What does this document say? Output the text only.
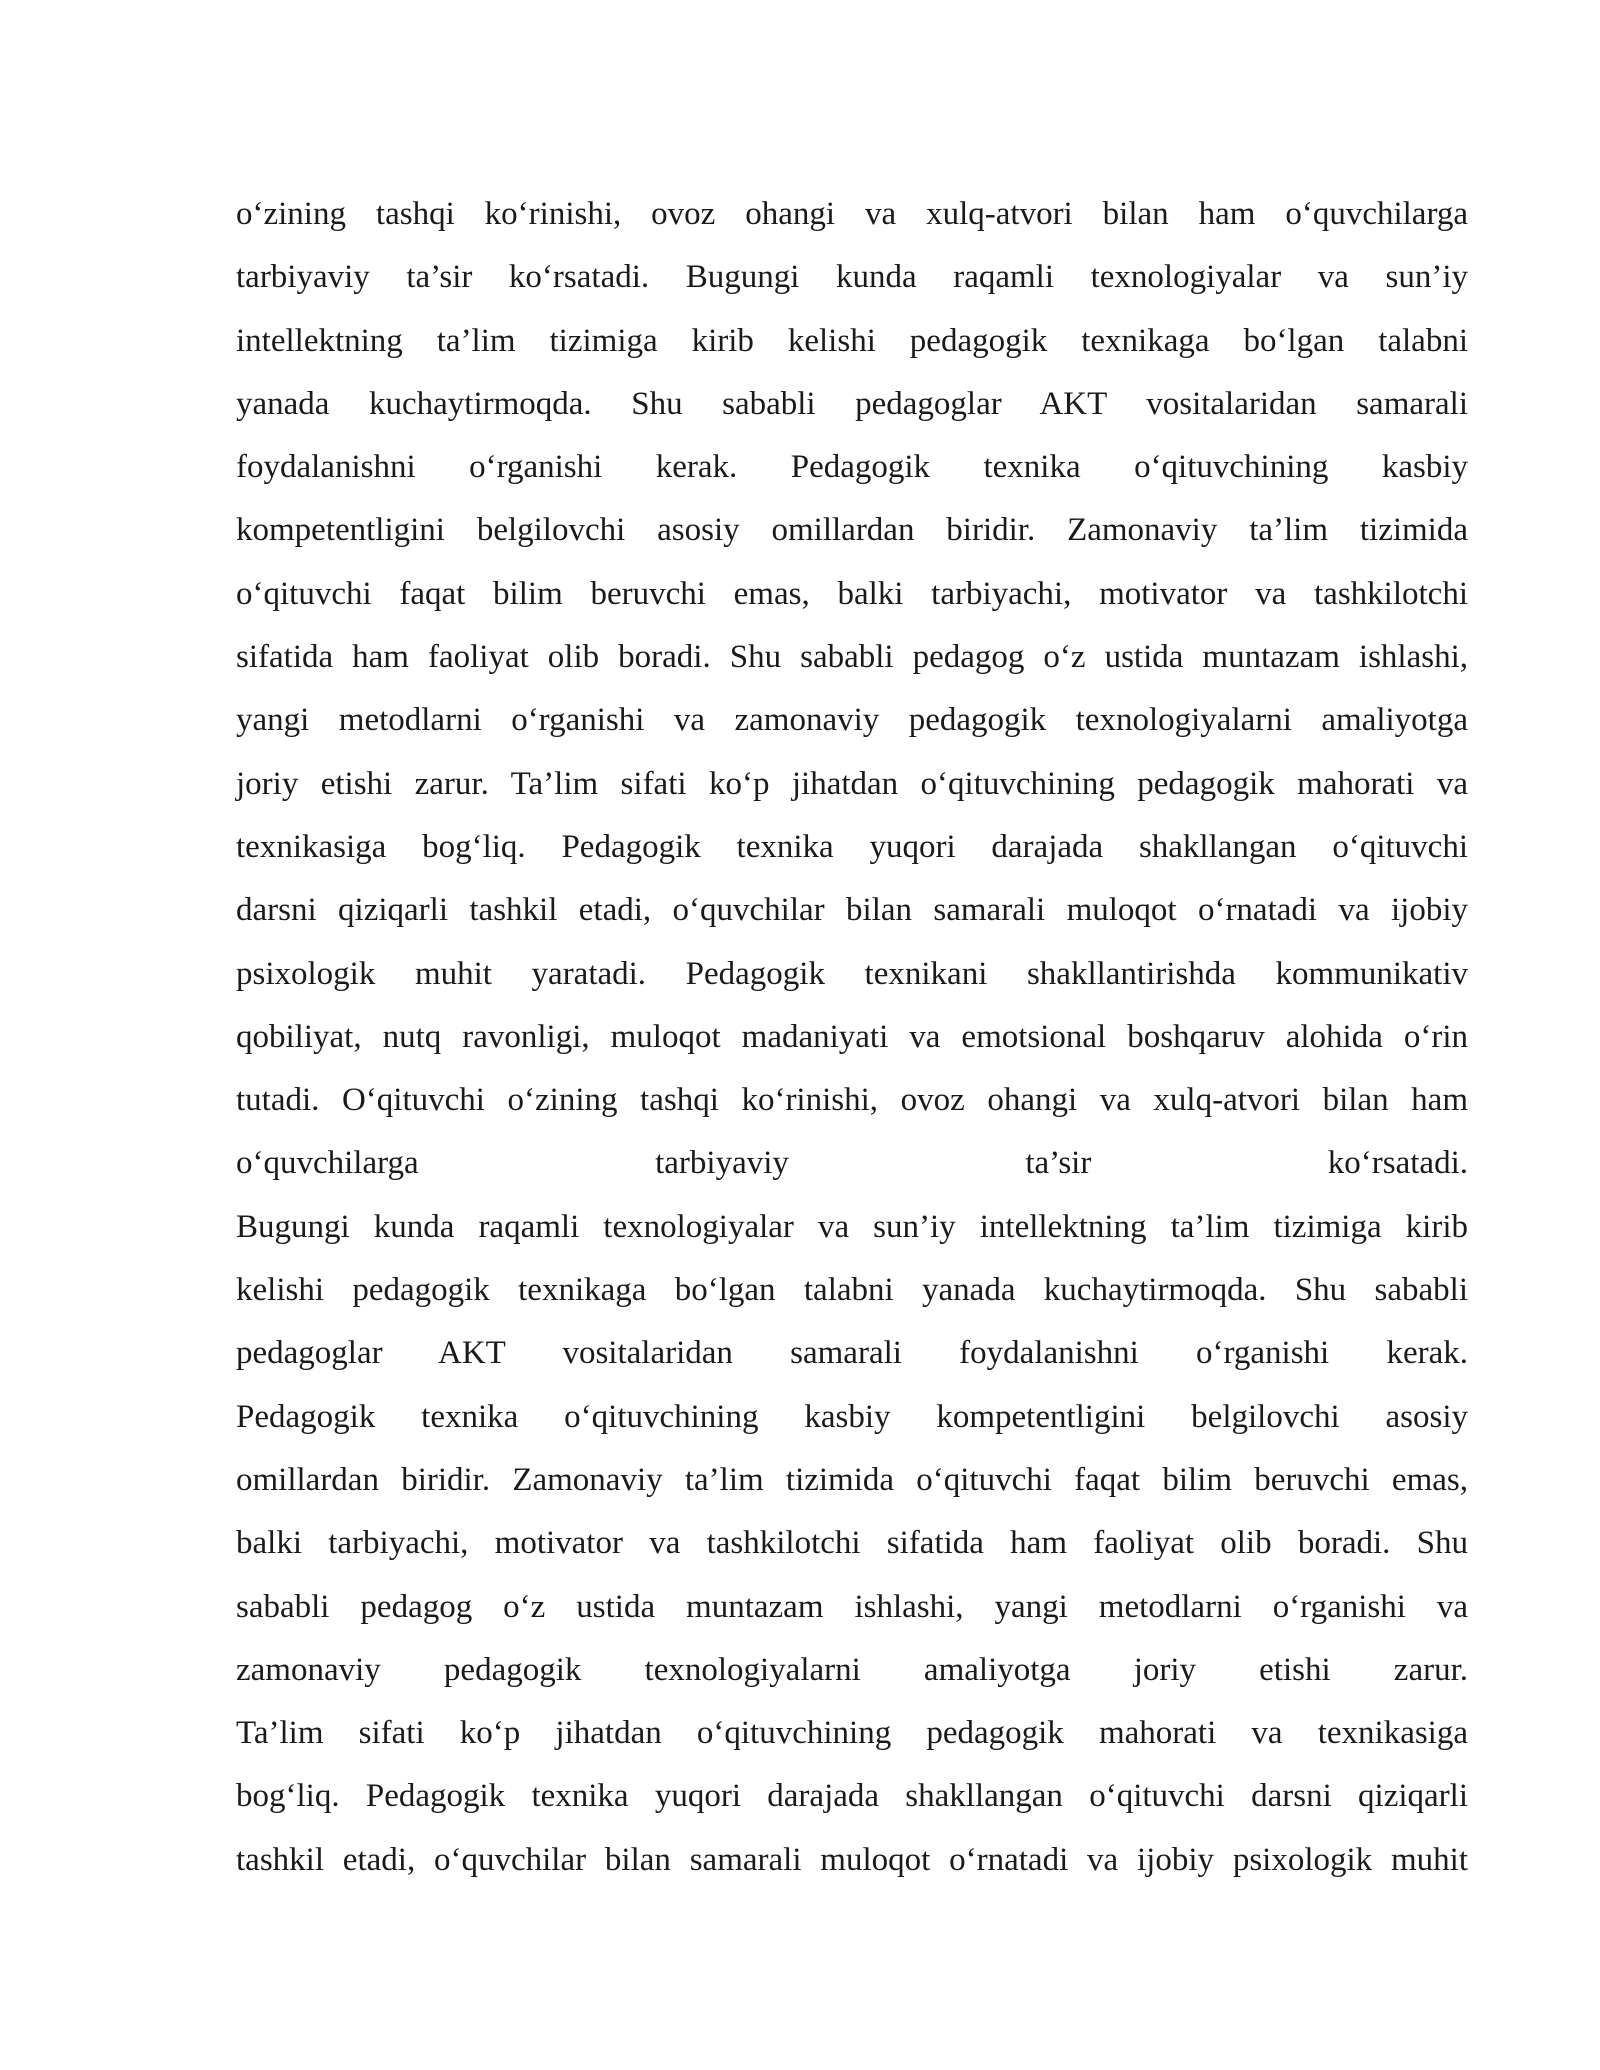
o‘zining tashqi ko‘rinishi, ovoz ohangi va xulq-atvori bilan ham o‘quvchilarga
tarbiyaviy ta’sir ko‘rsatadi. Bugungi kunda raqamli texnologiyalar va sun’iy
intellektning ta’lim tizimiga kirib kelishi pedagogik texnikaga bo‘lgan talabni
yanada kuchaytirmoqda. Shu sababli pedagoglar AKT vositalaridan samarali
foydalanishni o‘rganishi kerak. Pedagogik texnika o‘qituvchining kasbiy
kompetentligini belgilovchi asosiy omillardan biridir. Zamonaviy ta’lim tizimida
o‘qituvchi faqat bilim beruvchi emas, balki tarbiyachi, motivator va tashkilotchi
sifatida ham faoliyat olib boradi. Shu sababli pedagog o‘z ustida muntazam ishlashi,
yangi metodlarni o‘rganishi va zamonaviy pedagogik texnologiyalarni amaliyotga
joriy etishi zarur. Ta’lim sifati ko‘p jihatdan o‘qituvchining pedagogik mahorati va
texnikasiga bog‘liq. Pedagogik texnika yuqori darajada shakllangan o‘qituvchi
darsni qiziqarli tashkil etadi, o‘quvchilar bilan samarali muloqot o‘rnatadi va ijobiy
psixologik muhit yaratadi. Pedagogik texnikani shakllantirishda kommunikativ
qobiliyat, nutq ravonligi, muloqot madaniyati va emotsional boshqaruv alohida o‘rin
tutadi. O‘qituvchi o‘zining tashqi ko‘rinishi, ovoz ohangi va xulq-atvori bilan ham
o‘quvchilarga tarbiyaviy ta’sir ko‘rsatadi.
Bugungi kunda raqamli texnologiyalar va sun’iy intellektning ta’lim tizimiga kirib
kelishi pedagogik texnikaga bo‘lgan talabni yanada kuchaytirmoqda. Shu sababli
pedagoglar AKT vositalaridan samarali foydalanishni o‘rganishi kerak.
Pedagogik texnika o‘qituvchining kasbiy kompetentligini belgilovchi asosiy
omillardan biridir. Zamonaviy ta’lim tizimida o‘qituvchi faqat bilim beruvchi emas,
balki tarbiyachi, motivator va tashkilotchi sifatida ham faoliyat olib boradi. Shu
sababli pedagog o‘z ustida muntazam ishlashi, yangi metodlarni o‘rganishi va
zamonaviy pedagogik texnologiyalarni amaliyotga joriy etishi zarur.
Ta’lim sifati ko‘p jihatdan o‘qituvchining pedagogik mahorati va texnikasiga
bog‘liq. Pedagogik texnika yuqori darajada shakllangan o‘qituvchi darsni qiziqarli
tashkil etadi, o‘quvchilar bilan samarali muloqot o‘rnatadi va ijobiy psixologik muhit
